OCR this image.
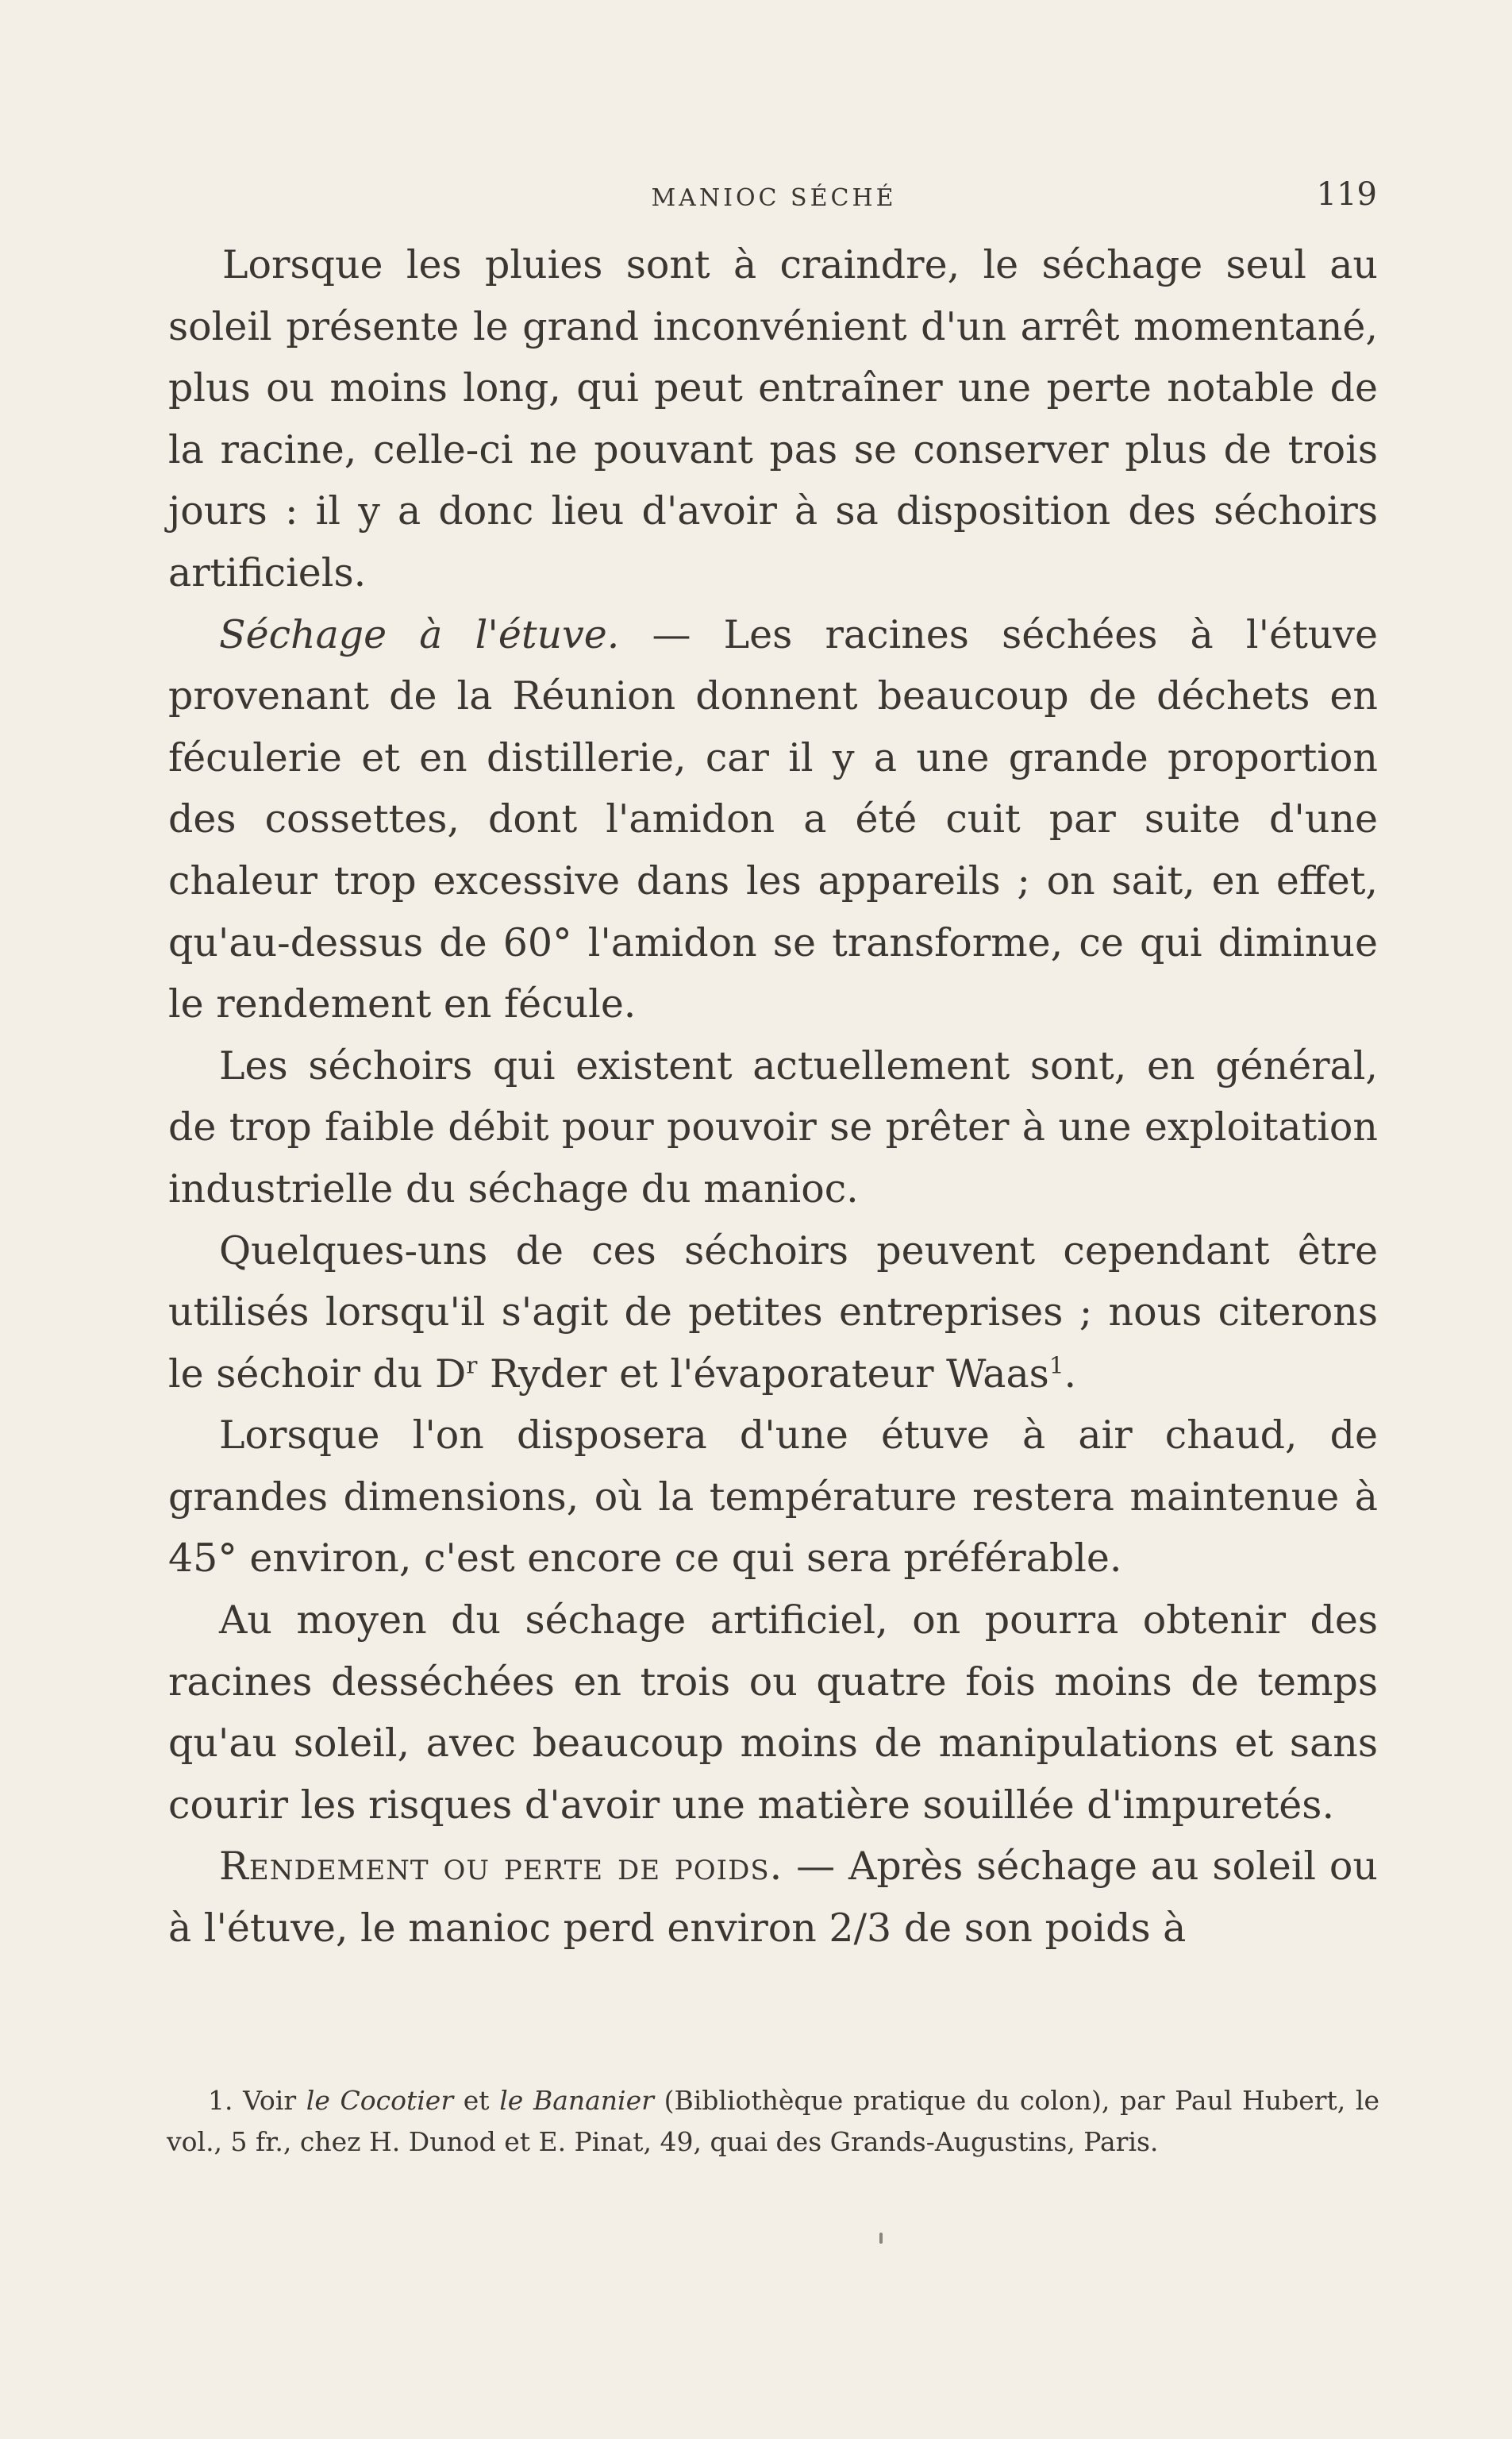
MANIOC SÉCHÉ	119

Lorsque les pluies sont à craindre, le séchage seul au soleil présente le grand inconvénient d'un arrêt momentané, plus ou moins long, qui peut entraîner une perte notable de la racine, celle-ci ne pouvant pas se conserver plus de trois jours : il y a donc lieu d'avoir à sa disposition des séchoirs artificiels.

Séchage à l'étuve. — Les racines séchées à l'étuve provenant de la Réunion donnent beaucoup de déchets en féculerie et en distillerie, car il y a une grande proportion des cossettes, dont l'amidon a été cuit par suite d'une chaleur trop excessive dans les appareils ; on sait, en effet, qu'au-dessus de 60° l'amidon se transforme, ce qui diminue le rendement en fécule.

Les séchoirs qui existent actuellement sont, en général, de trop faible débit pour pouvoir se prêter à une exploitation industrielle du séchage du manioc.

Quelques-uns de ces séchoirs peuvent cependant être utilisés lorsqu'il s'agit de petites entreprises ; nous citerons le séchoir du $D^r$ Ryder et l'évaporateur Waas$^1$.

Lorsque l'on disposera d'une étuve à air chaud, de grandes dimensions, où la température restera maintenue à 45° environ, c'est encore ce qui sera préférable.

Au moyen du séchage artificiel, on pourra obtenir des racines desséchées en trois ou quatre fois moins de temps qu'au soleil, avec beaucoup moins de manipulations et sans courir les risques d'avoir une matière souillée d'impuretés.

Rendement ou perte de poids. — Après séchage au soleil ou à l'étuve, le manioc perd environ 2/3 de son poids à

1. Voir le Cocotier et le Bananier (Bibliothèque pratique du colon), par Paul Hubert, le vol., 5 fr., chez H. Dunod et E. Pinat, 49, quai des Grands-Augustins, Paris.
